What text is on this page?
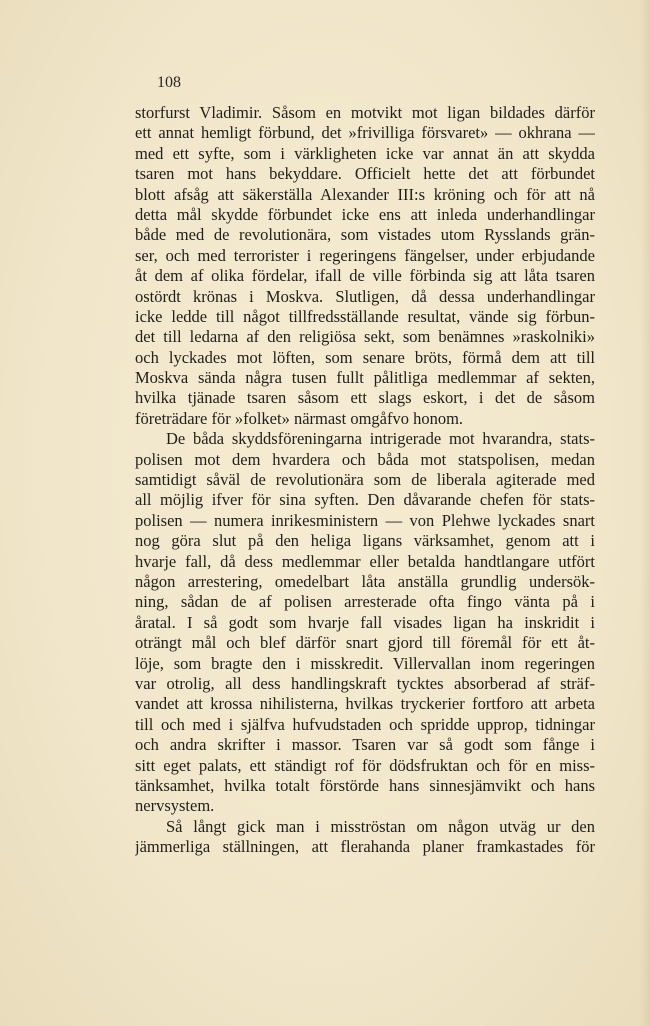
108
storfurst Vladimir. Såsom en motvikt mot ligan bildades därför
ett annat hemligt förbund, det »frivilliga försvaret» — okhrana —
med ett syfte, som i värkligheten icke var annat än att skydda
tsaren mot hans bekyddare. Officielt hette det att förbundet
blott afsåg att säkerställa Alexander III:s kröning och för att nå
detta mål skydde förbundet icke ens att inleda underhandlingar
både med de revolutionära, som vistades utom Rysslands grän-
ser, och med terrorister i regeringens fängelser, under erbjudande
åt dem af olika fördelar, ifall de ville förbinda sig att låta tsaren
ostördt krönas i Moskva. Slutligen, då dessa underhandlingar
icke ledde till något tillfredsställande resultat, vände sig förbun-
det till ledarna af den religiösa sekt, som benämnes »raskolniki»
och lyckades mot löften, som senare bröts, förmå dem att till
Moskva sända några tusen fullt pålitliga medlemmar af sekten,
hvilka tjänade tsaren såsom ett slags eskort, i det de såsom
företrädare för »folket» närmast omgåfvo honom.
De båda skyddsföreningarna intrigerade mot hvarandra, stats-
polisen mot dem hvardera och båda mot statspolisen, medan
samtidigt såväl de revolutionära som de liberala agiterade med
all möjlig ifver för sina syften. Den dåvarande chefen för stats-
polisen — numera inrikesministern — von Plehwe lyckades snart
nog göra slut på den heliga ligans värksamhet, genom att i
hvarje fall, då dess medlemmar eller betalda handtlangare utfört
någon arrestering, omedelbart låta anställa grundlig undersök-
ning, sådan de af polisen arresterade ofta fingo vänta på i
åratal. I så godt som hvarje fall visades ligan ha inskridit i
oträngt mål och blef därför snart gjord till föremål för ett åt-
löje, som bragte den i misskredit. Villervallan inom regeringen
var otrolig, all dess handlingskraft tycktes absorberad af sträf-
vandet att krossa nihilisterna, hvilkas tryckerier fortforo att arbeta
till och med i själfva hufvudstaden och spridde upprop, tidningar
och andra skrifter i massor. Tsaren var så godt som fånge i
sitt eget palats, ett ständigt rof för dödsfruktan och för en miss-
tänksamhet, hvilka totalt förstörde hans sinnesjämvikt och hans
nervsystem.
Så långt gick man i misströstan om någon utväg ur den
jämmerliga ställningen, att flerahanda planer framkastades för
